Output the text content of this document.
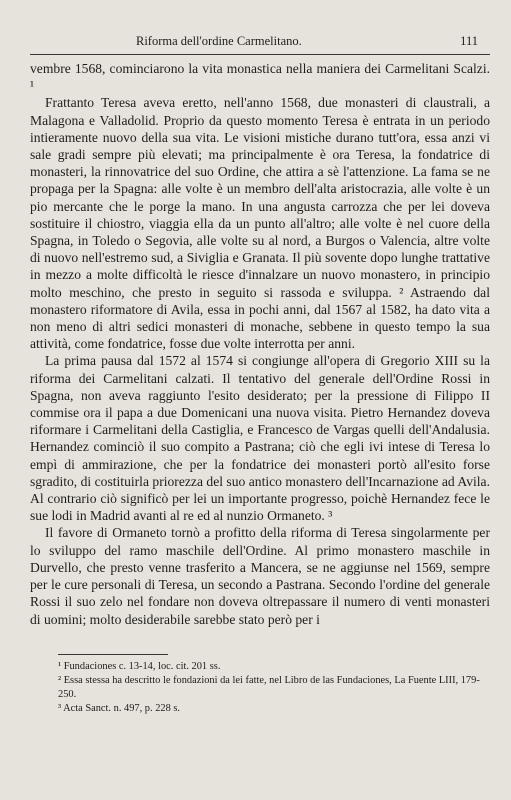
Riforma dell'ordine Carmelitano.	111

vembre 1568, cominciarono la vita monastica nella maniera dei Carmelitani Scalzi. ¹

Frattanto Teresa aveva eretto, nell'anno 1568, due monasteri di claustrali, a Malagona e Valladolid. Proprio da questo momento Teresa è entrata in un periodo intieramente nuovo della sua vita. Le visioni mistiche durano tutt'ora, essa anzi vi sale gradi sempre più elevati; ma principalmente è ora Teresa, la fondatrice di monasteri, la rinnovatrice del suo Ordine, che attira a sè l'attenzione. La fama se ne propaga per la Spagna: alle volte è un membro dell'alta aristocrazia, alle volte è un pio mercante che le porge la mano. In una angusta carrozza che per lei doveva sostituire il chiostro, viaggia ella da un punto all'altro; alle volte è nel cuore della Spagna, in Toledo o Segovia, alle volte su al nord, a Burgos o Valencia, altre volte di nuovo nell'estremo sud, a Siviglia e Granata. Il più sovente dopo lunghe trattative in mezzo a molte difficoltà le riesce d'innalzare un nuovo monastero, in principio molto meschino, che presto in seguito si rassoda e sviluppa. ² Astraendo dal monastero riformatore di Avila, essa in pochi anni, dal 1567 al 1582, ha dato vita a non meno di altri sedici monasteri di monache, sebbene in questo tempo la sua attività, come fondatrice, fosse due volte interrotta per anni.

La prima pausa dal 1572 al 1574 si congiunge all'opera di Gregorio XIII su la riforma dei Carmelitani calzati. Il tentativo del generale dell'Ordine Rossi in Spagna, non aveva raggiunto l'esito desiderato; per la pressione di Filippo II commise ora il papa a due Domenicani una nuova visita. Pietro Hernandez doveva riformare i Carmelitani della Castiglia, e Francesco de Vargas quelli dell'Andalusia. Hernandez cominciò il suo compito a Pastrana; ciò che egli ivi intese di Teresa lo empì di ammirazione, che per la fondatrice dei monasteri portò all'esito forse sgradito, di costituirla priorezza del suo antico monastero dell'Incarnazione ad Avila. Al contrario ciò significò per lei un importante progresso, poichè Hernandez fece le sue lodi in Madrid avanti al re ed al nunzio Ormaneto. ³

Il favore di Ormaneto tornò a profitto della riforma di Teresa singolarmente per lo sviluppo del ramo maschile dell'Ordine. Al primo monastero maschile in Durvello, che presto venne trasferito a Mancera, se ne aggiunse nel 1569, sempre per le cure personali di Teresa, un secondo a Pastrana. Secondo l'ordine del generale Rossi il suo zelo nel fondare non doveva oltrepassare il numero di venti monasteri di uomini; molto desiderabile sarebbe stato però per i

¹ Fundaciones c. 13-14, loc. cit. 201 ss.
² Essa stessa ha descritto le fondazioni da lei fatte, nel Libro de las Fundaciones, La Fuente LIII, 179-250.
³ Acta Sanct. n. 497, p. 228 s.
